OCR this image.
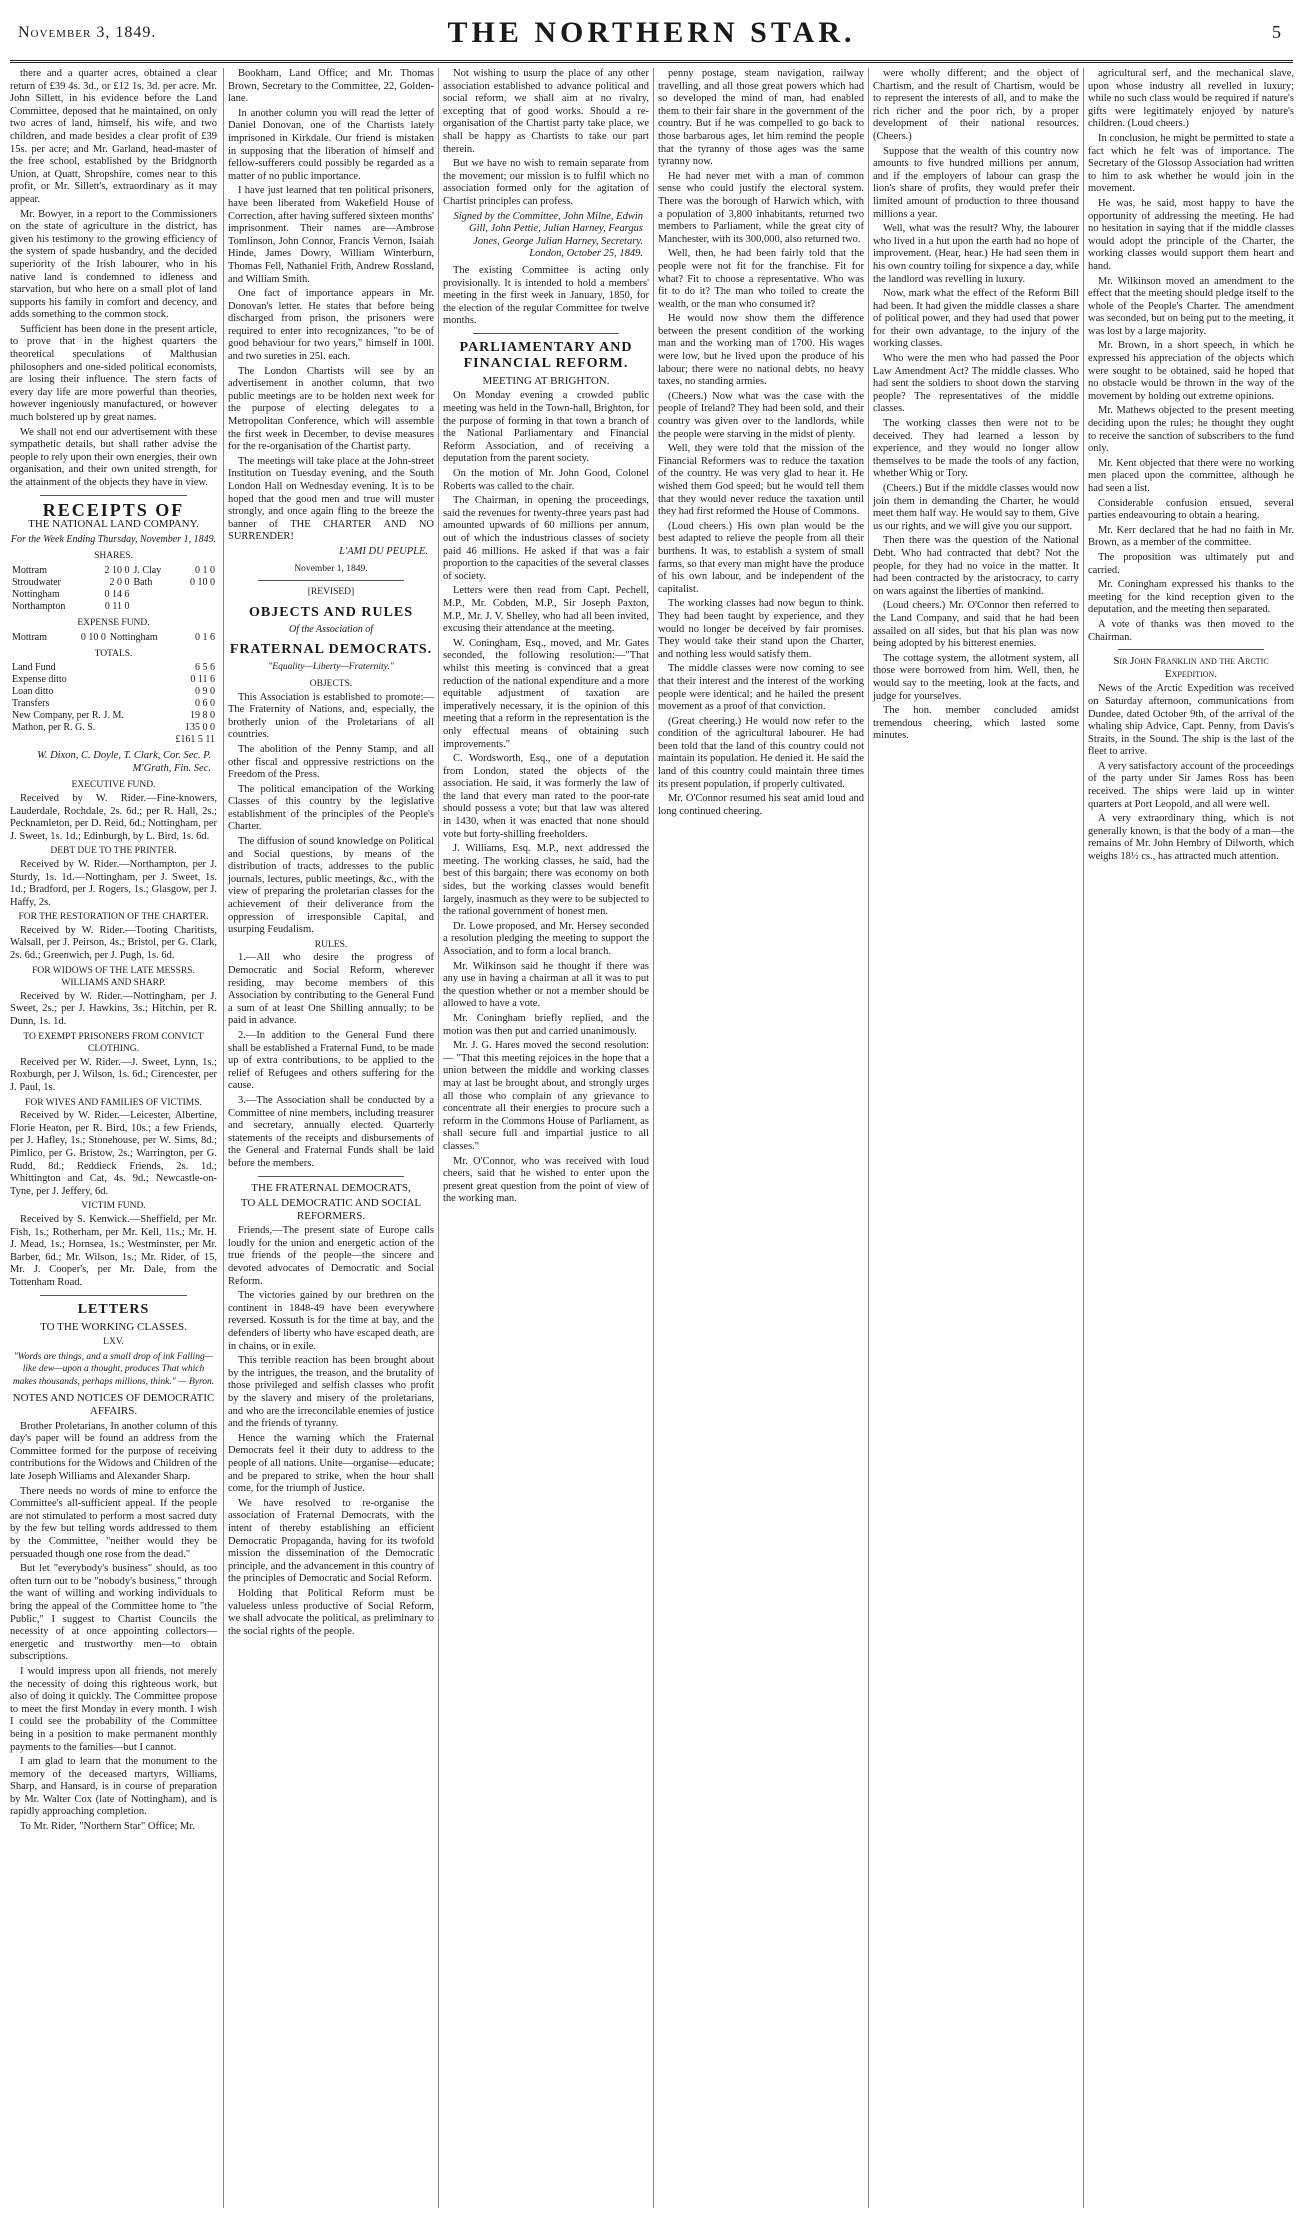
November 3, 1849.	THE NORTHERN STAR.	5

there and a quarter acres, obtained a clear return of £39 4s. 3d., or £12 1s. 3d. per acre. Mr. John Sillett, in his evidence before the Land Committee, deposed that he maintained, on only two acres of land, himself, his wife, and two children, and made besides a clear profit of £39 15s. per acre; and Mr. Garland, head-master of the free school, established by the Bridgnorth Union, at Quatt, Shropshire, comes near to this profit, or Mr. Sillett's, extraordinary as it may appear.

Mr. Bowyer, in a report to the Commissioners on the state of agriculture in the district, has given his testimony to the growing efficiency of the system of spade husbandry, and the decided superiority of the Irish labourer, who in his native land is condemned to idleness and starvation, but who here on a small plot of land supports his family in comfort and decency, and adds something to the common stock.

Sufficient has been done in the present article, to prove that in the highest quarters the theoretical speculations of Malthusian philosophers and one-sided political economists, are losing their influence. The stern facts of every day life are more powerful than theories, however ingeniously manufactured, or however much bolstered up by great names.

We shall not end our advertisement with these sympathetic details, but shall rather advise the people to rely upon their own energies, their own organisation, and their own united strength, for the attainment of the objects they have in view.

RECEIPTS OF
THE NATIONAL LAND COMPANY.
For the Week Ending Thursday, November 1, 1849.
SHARES.
Mottram	2 10 0	J. Clay	0 1 0
Stroudwater	2 0 0	Bath	0 10 0
Nottingham	0 14 6		
Northampton	0 11 0		
EXPENSE FUND.
Mottram	0 10 0	Nottingham	0 1 6
TOTALS.
Land Fund	6 5 6
Expense ditto	0 11 6
Loan ditto	0 9 0
Transfers	0 6 0
New Company, per R. J. M.	19 8 0
Mathon, per R. G. S.	135 0 0
	£161 5 11
W. Dixon, C. Doyle, T. Clark, Cor. Sec. P. M'Grath, Fin. Sec.
EXECUTIVE FUND.

Received by W. Rider.—Fine-knowers, Lauderdale, Rochdale, 2s. 6d.; per R. Hall, 2s.; Pecknamleton, per D. Reid, 6d.; Nottingham, per J. Sweet, 1s. 1d.; Edinburgh, by L. Bird, 1s. 6d.

DEBT DUE TO THE PRINTER.

Received by W. Rider.—Northampton, per J. Sturdy, 1s. 1d.—Nottingham, per J. Sweet, 1s. 1d.; Bradford, per J. Rogers, 1s.; Glasgow, per J. Haffy, 2s.

FOR THE RESTORATION OF THE CHARTER.

Received by W. Rider.—Tooting Charitists, Walsall, per J. Peirson, 4s.; Bristol, per G. Clark, 2s. 6d.; Greenwich, per J. Pugh, 1s. 6d.

FOR WIDOWS OF THE LATE MESSRS. WILLIAMS AND SHARP.

Received by W. Rider.—Nottingham, per J. Sweet, 2s.; per J. Hawkins, 3s.; Hitchin, per R. Dunn, 1s. 1d.

TO EXEMPT PRISONERS FROM CONVICT CLOTHING.

Received per W. Rider.—J. Sweet, Lynn, 1s.; Roxburgh, per J. Wilson, 1s. 6d.; Cirencester, per J. Paul, 1s.

FOR WIVES AND FAMILIES OF VICTIMS.

Received by W. Rider.—Leicester, Albertine, Florie Heaton, per R. Bird, 10s.; a few Friends, per J. Hafley, 1s.; Stonehouse, per W. Sims, 8d.; Pimlico, per G. Bristow, 2s.; Warrington, per G. Rudd, 8d.; Reddieck Friends, 2s. 1d.; Whittington and Cat, 4s. 9d.; Newcastle-on-Tyne, per J. Jeffery, 6d.

VICTIM FUND.

Received by S. Kenwick.—Sheffield, per Mr. Fish, 1s.; Rotherham, per Mr. Kell, 11s.; Mr. H. J. Mead, 1s.; Hornsea, 1s.; Westminster, per Mr. Barber, 6d.; Mr. Wilson, 1s.; Mr. Rider, of 15, Mr. J. Cooper's, per Mr. Dale, from the Tottenham Road.

LETTERS
TO THE WORKING CLASSES.
LXV.
"Words are things, and a small drop of ink Falling—like dew—upon a thought, produces That which makes thousands, perhaps millions, think." — Byron.
NOTES AND NOTICES OF DEMOCRATIC AFFAIRS.

Brother Proletarians, In another column of this day's paper will be found an address from the Committee formed for the purpose of receiving contributions for the Widows and Children of the late Joseph Williams and Alexander Sharp.

There needs no words of mine to enforce the Committee's all-sufficient appeal. If the people are not stimulated to perform a most sacred duty by the few but telling words addressed to them by the Committee, "neither would they be persuaded though one rose from the dead."

But let "everybody's business" should, as too often turn out to be "nobody's business," through the want of willing and working individuals to bring the appeal of the Committee home to "the Public," I suggest to Chartist Councils the necessity of at once appointing collectors—energetic and trustworthy men—to obtain subscriptions.

I would impress upon all friends, not merely the necessity of doing this righteous work, but also of doing it quickly. The Committee propose to meet the first Monday in every month. I wish I could see the probability of the Committee being in a position to make permanent monthly payments to the families—but I cannot.

I am glad to learn that the monument to the memory of the deceased martyrs, Williams, Sharp, and Hansard, is in course of preparation by Mr. Walter Cox (late of Nottingham), and is rapidly approaching completion.

To Mr. Rider, "Northern Star" Office; Mr.

Bookham, Land Office; and Mr. Thomas Brown, Secretary to the Committee, 22, Golden-lane.

In another column you will read the letter of Daniel Donovan, one of the Chartists lately imprisoned in Kirkdale. Our friend is mistaken in supposing that the liberation of himself and fellow-sufferers could possibly be regarded as a matter of no public importance.

I have just learned that ten political prisoners, have been liberated from Wakefield House of Correction, after having suffered sixteen months' imprisonment. Their names are—Ambrose Tomlinson, John Connor, Francis Vernon, Isaiah Hinde, James Dowry, William Winterburn, Thomas Fell, Nathaniel Frith, Andrew Rossland, and William Smith.

One fact of importance appears in Mr. Donovan's letter. He states that before being discharged from prison, the prisoners were required to enter into recognizances, "to be of good behaviour for two years," himself in 100l. and two sureties in 25l. each.

The London Chartists will see by an advertisement in another column, that two public meetings are to be holden next week for the purpose of electing delegates to a Metropolitan Conference, which will assemble the first week in December, to devise measures for the re-organisation of the Chartist party.

The meetings will take place at the John-street Institution on Tuesday evening, and the South London Hall on Wednesday evening. It is to be hoped that the good men and true will muster strongly, and once again fling to the breeze the banner of THE CHARTER AND NO SURRENDER!

L'AMI DU PEUPLE.
November 1, 1849.
[REVISED]
OBJECTS AND RULES
Of the Association of
FRATERNAL DEMOCRATS.
"Equality—Liberty—Fraternity."
OBJECTS.

This Association is established to promote:— The Fraternity of Nations, and, especially, the brotherly union of the Proletarians of all countries.

The abolition of the Penny Stamp, and all other fiscal and oppressive restrictions on the Freedom of the Press.

The political emancipation of the Working Classes of this country by the legislative establishment of the principles of the People's Charter.

The diffusion of sound knowledge on Political and Social questions, by means of the distribution of tracts, addresses to the public journals, lectures, public meetings, &c., with the view of preparing the proletarian classes for the achievement of their deliverance from the oppression of irresponsible Capital, and usurping Feudalism.

RULES.

1.—All who desire the progress of Democratic and Social Reform, wherever residing, may become members of this Association by contributing to the General Fund a sum of at least One Shilling annually; to be paid in advance.

2.—In addition to the General Fund there shall be established a Fraternal Fund, to be made up of extra contributions, to be applied to the relief of Refugees and others suffering for the cause.

3.—The Association shall be conducted by a Committee of nine members, including treasurer and secretary, annually elected. Quarterly statements of the receipts and disbursements of the General and Fraternal Funds shall be laid before the members.

THE FRATERNAL DEMOCRATS,
TO ALL DEMOCRATIC AND SOCIAL REFORMERS.

Friends,—The present state of Europe calls loudly for the union and energetic action of the true friends of the people—the sincere and devoted advocates of Democratic and Social Reform.

The victories gained by our brethren on the continent in 1848-49 have been everywhere reversed. Kossuth is for the time at bay, and the defenders of liberty who have escaped death, are in chains, or in exile.

This terrible reaction has been brought about by the intrigues, the treason, and the brutality of those privileged and selfish classes who profit by the slavery and misery of the proletarians, and who are the irreconcilable enemies of justice and the friends of tyranny.

Hence the warning which the Fraternal Democrats feel it their duty to address to the people of all nations. Unite—organise—educate; and be prepared to strike, when the hour shall come, for the triumph of Justice.

We have resolved to re-organise the association of Fraternal Democrats, with the intent of thereby establishing an efficient Democratic Propaganda, having for its twofold mission the dissemination of the Democratic principle, and the advancement in this country of the principles of Democratic and Social Reform.

Holding that Political Reform must be valueless unless productive of Social Reform, we shall advocate the political, as preliminary to the social rights of the people.

Not wishing to usurp the place of any other association established to advance political and social reform, we shall aim at no rivalry, excepting that of good works. Should a re-organisation of the Chartist party take place, we shall be happy as Chartists to take our part therein.

But we have no wish to remain separate from the movement; our mission is to fulfil which no association formed only for the agitation of Chartist principles can profess.

Signed by the Committee, John Milne, Edwin Gill, John Pettie, Julian Harney, Feargus Jones, George Julian Harney, Secretary. London, October 25, 1849.

The existing Committee is acting only provisionally. It is intended to hold a members' meeting in the first week in January, 1850, for the election of the regular Committee for twelve months.

PARLIAMENTARY AND FINANCIAL REFORM.
MEETING AT BRIGHTON.

On Monday evening a crowded public meeting was held in the Town-hall, Brighton, for the purpose of forming in that town a branch of the National Parliamentary and Financial Reform Association, and of receiving a deputation from the parent society.

On the motion of Mr. John Good, Colonel Roberts was called to the chair.

The Chairman, in opening the proceedings, said the revenues for twenty-three years past had amounted upwards of 60 millions per annum, out of which the industrious classes of society paid 46 millions. He asked if that was a fair proportion to the capacities of the several classes of society.

Letters were then read from Capt. Pechell, M.P., Mr. Cobden, M.P., Sir Joseph Paxton, M.P., Mr. J. V. Shelley, who had all been invited, excusing their attendance at the meeting.

W. Coningham, Esq., moved, and Mr. Gates seconded, the following resolution:—"That whilst this meeting is convinced that a great reduction of the national expenditure and a more equitable adjustment of taxation are imperatively necessary, it is the opinion of this meeting that a reform in the representation is the only effectual means of obtaining such improvements."

C. Wordsworth, Esq., one of a deputation from London, stated the objects of the association. He said, it was formerly the law of the land that every man rated to the poor-rate should possess a vote; but that law was altered in 1430, when it was enacted that none should vote but forty-shilling freeholders.

J. Williams, Esq. M.P., next addressed the meeting. The working classes, he said, had the best of this bargain; there was economy on both sides, but the working classes would benefit largely, inasmuch as they were to be subjected to the rational government of honest men.

Dr. Lowe proposed, and Mr. Hersey seconded a resolution pledging the meeting to support the Association, and to form a local branch.

Mr. Wilkinson said he thought if there was any use in having a chairman at all it was to put the question whether or not a member should be allowed to have a vote.

Mr. Coningham briefly replied, and the motion was then put and carried unanimously.

Mr. J. G. Hares moved the second resolution:— "That this meeting rejoices in the hope that a union between the middle and working classes may at last be brought about, and strongly urges all those who complain of any grievance to concentrate all their energies to procure such a reform in the Commons House of Parliament, as shall secure full and impartial justice to all classes."

Mr. O'Connor, who was received with loud cheers, said that he wished to enter upon the present great question from the point of view of the working man.

penny postage, steam navigation, railway travelling, and all those great powers which had so developed the mind of man, had enabled them to their fair share in the government of the country. But if he was compelled to go back to those barbarous ages, let him remind the people that the tyranny of those ages was the same tyranny now.

He had never met with a man of common sense who could justify the electoral system. There was the borough of Harwich which, with a population of 3,800 inhabitants, returned two members to Parliament, while the great city of Manchester, with its 300,000, also returned two.

Well, then, he had been fairly told that the people were not fit for the franchise. Fit for what? Fit to choose a representative. Who was fit to do it? The man who toiled to create the wealth, or the man who consumed it?

He would now show them the difference between the present condition of the working man and the working man of 1700. His wages were low, but he lived upon the produce of his labour; there were no national debts, no heavy taxes, no standing armies.

(Cheers.) Now what was the case with the people of Ireland? They had been sold, and their country was given over to the landlords, while the people were starving in the midst of plenty.

Well, they were told that the mission of the Financial Reformers was to reduce the taxation of the country. He was very glad to hear it. He wished them God speed; but he would tell them that they would never reduce the taxation until they had first reformed the House of Commons.

(Loud cheers.) His own plan would be the best adapted to relieve the people from all their burthens. It was, to establish a system of small farms, so that every man might have the produce of his own labour, and be independent of the capitalist.

The working classes had now begun to think. They had been taught by experience, and they would no longer be deceived by fair promises. They would take their stand upon the Charter, and nothing less would satisfy them.

The middle classes were now coming to see that their interest and the interest of the working people were identical; and he hailed the present movement as a proof of that conviction.

(Great cheering.) He would now refer to the condition of the agricultural labourer. He had been told that the land of this country could not maintain its population. He denied it. He said the land of this country could maintain three times its present population, if properly cultivated.

Mr. O'Connor resumed his seat amid loud and long continued cheering.

were wholly different; and the object of Chartism, and the result of Chartism, would be to represent the interests of all, and to make the rich richer and the poor rich, by a proper development of their national resources. (Cheers.)

Suppose that the wealth of this country now amounts to five hundred millions per annum, and if the employers of labour can grasp the lion's share of profits, they would prefer their limited amount of production to three thousand millions a year.

Well, what was the result? Why, the labourer who lived in a hut upon the earth had no hope of improvement. (Hear, hear.) He had seen them in his own country toiling for sixpence a day, while the landlord was revelling in luxury.

Now, mark what the effect of the Reform Bill had been. It had given the middle classes a share of political power, and they had used that power for their own advantage, to the injury of the working classes.

Who were the men who had passed the Poor Law Amendment Act? The middle classes. Who had sent the soldiers to shoot down the starving people? The representatives of the middle classes.

The working classes then were not to be deceived. They had learned a lesson by experience, and they would no longer allow themselves to be made the tools of any faction, whether Whig or Tory.

(Cheers.) But if the middle classes would now join them in demanding the Charter, he would meet them half way. He would say to them, Give us our rights, and we will give you our support.

Then there was the question of the National Debt. Who had contracted that debt? Not the people, for they had no voice in the matter. It had been contracted by the aristocracy, to carry on wars against the liberties of mankind.

(Loud cheers.) Mr. O'Connor then referred to the Land Company, and said that he had been assailed on all sides, but that his plan was now being adopted by his bitterest enemies.

The cottage system, the allotment system, all those were borrowed from him. Well, then, he would say to the meeting, look at the facts, and judge for yourselves.

The hon. member concluded amidst tremendous cheering, which lasted some minutes.

agricultural serf, and the mechanical slave, upon whose industry all revelled in luxury; while no such class would be required if nature's gifts were legitimately enjoyed by nature's children. (Loud cheers.)

In conclusion, he might be permitted to state a fact which he felt was of importance. The Secretary of the Glossop Association had written to him to ask whether he would join in the movement.

He was, he said, most happy to have the opportunity of addressing the meeting. He had no hesitation in saying that if the middle classes would adopt the principle of the Charter, the working classes would support them heart and hand.

Mr. Wilkinson moved an amendment to the effect that the meeting should pledge itself to the whole of the People's Charter. The amendment was seconded, but on being put to the meeting, it was lost by a large majority.

Mr. Brown, in a short speech, in which he expressed his appreciation of the objects which were sought to be obtained, said he hoped that no obstacle would be thrown in the way of the movement by holding out extreme opinions.

Mr. Mathews objected to the present meeting deciding upon the rules; he thought they ought to receive the sanction of subscribers to the fund only.

Mr. Kent objected that there were no working men placed upon the committee, although he had seen a list.

Considerable confusion ensued, several parties endeavouring to obtain a hearing.

Mr. Kerr declared that he had no faith in Mr. Brown, as a member of the committee.

The proposition was ultimately put and carried.

Mr. Coningham expressed his thanks to the meeting for the kind reception given to the deputation, and the meeting then separated.

A vote of thanks was then moved to the Chairman.

Sir John Franklin and the Arctic Expedition.

News of the Arctic Expedition was received on Saturday afternoon, communications from Dundee, dated October 9th, of the arrival of the whaling ship Advice, Capt. Penny, from Davis's Straits, in the Sound. The ship is the last of the fleet to arrive.

A very satisfactory account of the proceedings of the party under Sir James Ross has been received. The ships were laid up in winter quarters at Port Leopold, and all were well.

A very extraordinary thing, which is not generally known, is that the body of a man—the remains of Mr. John Hembry of Dilworth, which weighs 18½ cs., has attracted much attention.
